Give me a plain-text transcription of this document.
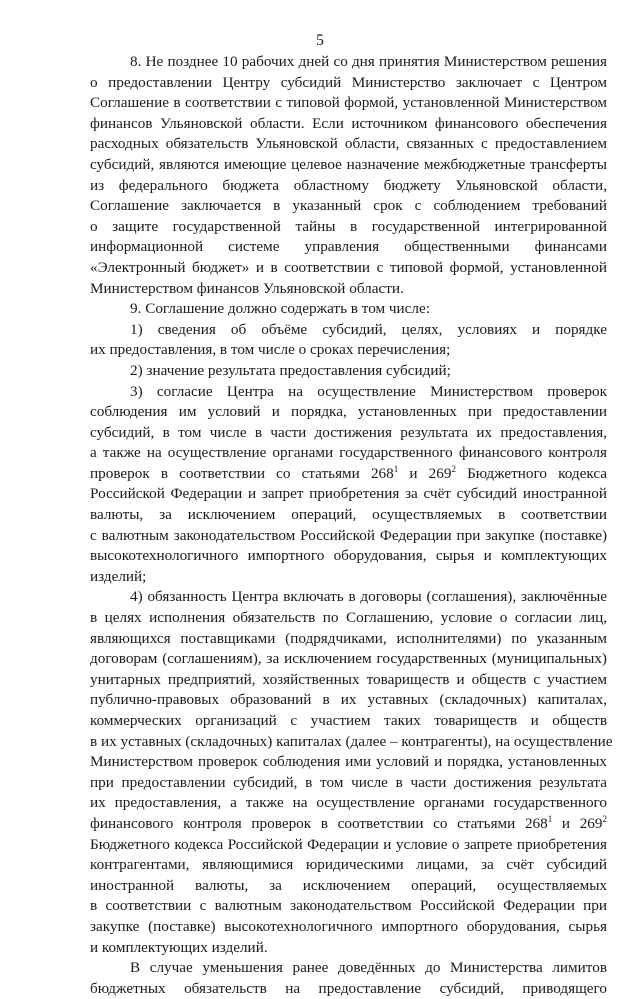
5
8. Не позднее 10 рабочих дней со дня принятия Министерством решения
о предоставлении Центру субсидий Министерство заключает с Центром
Соглашение в соответствии с типовой формой, установленной Министерством
финансов Ульяновской области. Если источником финансового обеспечения
расходных обязательств Ульяновской области, связанных с предоставлением
субсидий, являются имеющие целевое назначение межбюджетные трансферты
из федерального бюджета областному бюджету Ульяновской области,
Соглашение заключается в указанный срок с соблюдением требований
о защите государственной тайны в государственной интегрированной
информационной системе управления общественными финансами
«Электронный бюджет» и в соответствии с типовой формой, установленной
Министерством финансов Ульяновской области.
9. Соглашение должно содержать в том числе:
1) сведения об объёме субсидий, целях, условиях и порядке
их предоставления, в том числе о сроках перечисления;
2) значение результата предоставления субсидий;
3) согласие Центра на осуществление Министерством проверок
соблюдения им условий и порядка, установленных при предоставлении
субсидий, в том числе в части достижения результата их предоставления,
а также на осуществление органами государственного финансового контроля
проверок в соответствии со статьями $268^1$ и $269^2$ Бюджетного кодекса
Российской Федерации и запрет приобретения за счёт субсидий иностранной
валюты, за исключением операций, осуществляемых в соответствии
с валютным законодательством Российской Федерации при закупке (поставке)
высокотехнологичного импортного оборудования, сырья и комплектующих
изделий;
4) обязанность Центра включать в договоры (соглашения), заключённые
в целях исполнения обязательств по Соглашению, условие о согласии лиц,
являющихся поставщиками (подрядчиками, исполнителями) по указанным
договорам (соглашениям), за исключением государственных (муниципальных)
унитарных предприятий, хозяйственных товариществ и обществ с участием
публично-правовых образований в их уставных (складочных) капиталах,
коммерческих организаций с участием таких товариществ и обществ
в их уставных (складочных) капиталах (далее – контрагенты), на осуществление
Министерством проверок соблюдения ими условий и порядка, установленных
при предоставлении субсидий, в том числе в части достижения результата
их предоставления, а также на осуществление органами государственного
финансового контроля проверок в соответствии со статьями $268^1$ и $269^2$
Бюджетного кодекса Российской Федерации и условие о запрете приобретения
контрагентами, являющимися юридическими лицами, за счёт субсидий
иностранной валюты, за исключением операций, осуществляемых
в соответствии с валютным законодательством Российской Федерации при
закупке (поставке) высокотехнологичного импортного оборудования, сырья
и комплектующих изделий.
В случае уменьшения ранее доведённых до Министерства лимитов
бюджетных обязательств на предоставление субсидий, приводящего
